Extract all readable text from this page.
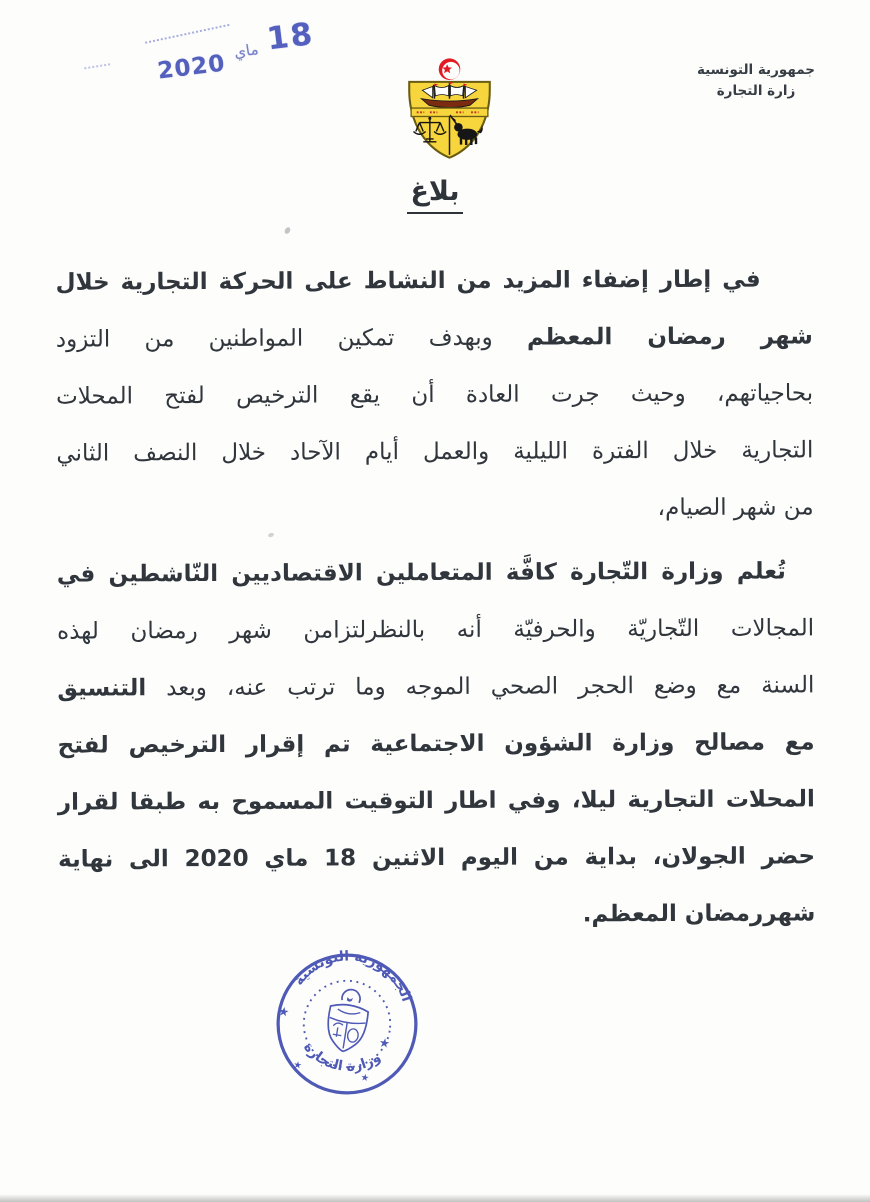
18
ماي
2020	جمهورية التونسية
زارة التجارة
بلاغ
في إطار إضفاء المزيد من النشاط على الحركة التجارية خلال
شهر رمضان المعظم وبهدف تمكين المواطنين من التزود
بحاجياتهم، وحيث جرت العادة أن يقع الترخيص لفتح المحلات
التجارية خلال الفترة الليلية والعمل أيام الآحاد خلال النصف الثاني
من شهر الصيام،
تُعلم وزارة التّجارة كافَّة المتعاملين الاقتصاديين النّاشطين في
المجالات التّجاريّة والحرفيّة أنه بالنظرلتزامن شهر رمضان لهذه
السنة مع وضع الحجر الصحي الموجه وما ترتب عنه، وبعد التنسيق
مع مصالح وزارة الشؤون الاجتماعية تم إقرار الترخيص لفتح
المحلات التجارية ليلا، وفي اطار التوقيت المسموح به طبقا لقرار
حضر الجولان، بداية من اليوم الاثنين 18 ماي 2020 الى نهاية
شهررمضان المعظم.
الجمهورية التونسية
وزارة التجارة
★
★
★
★
